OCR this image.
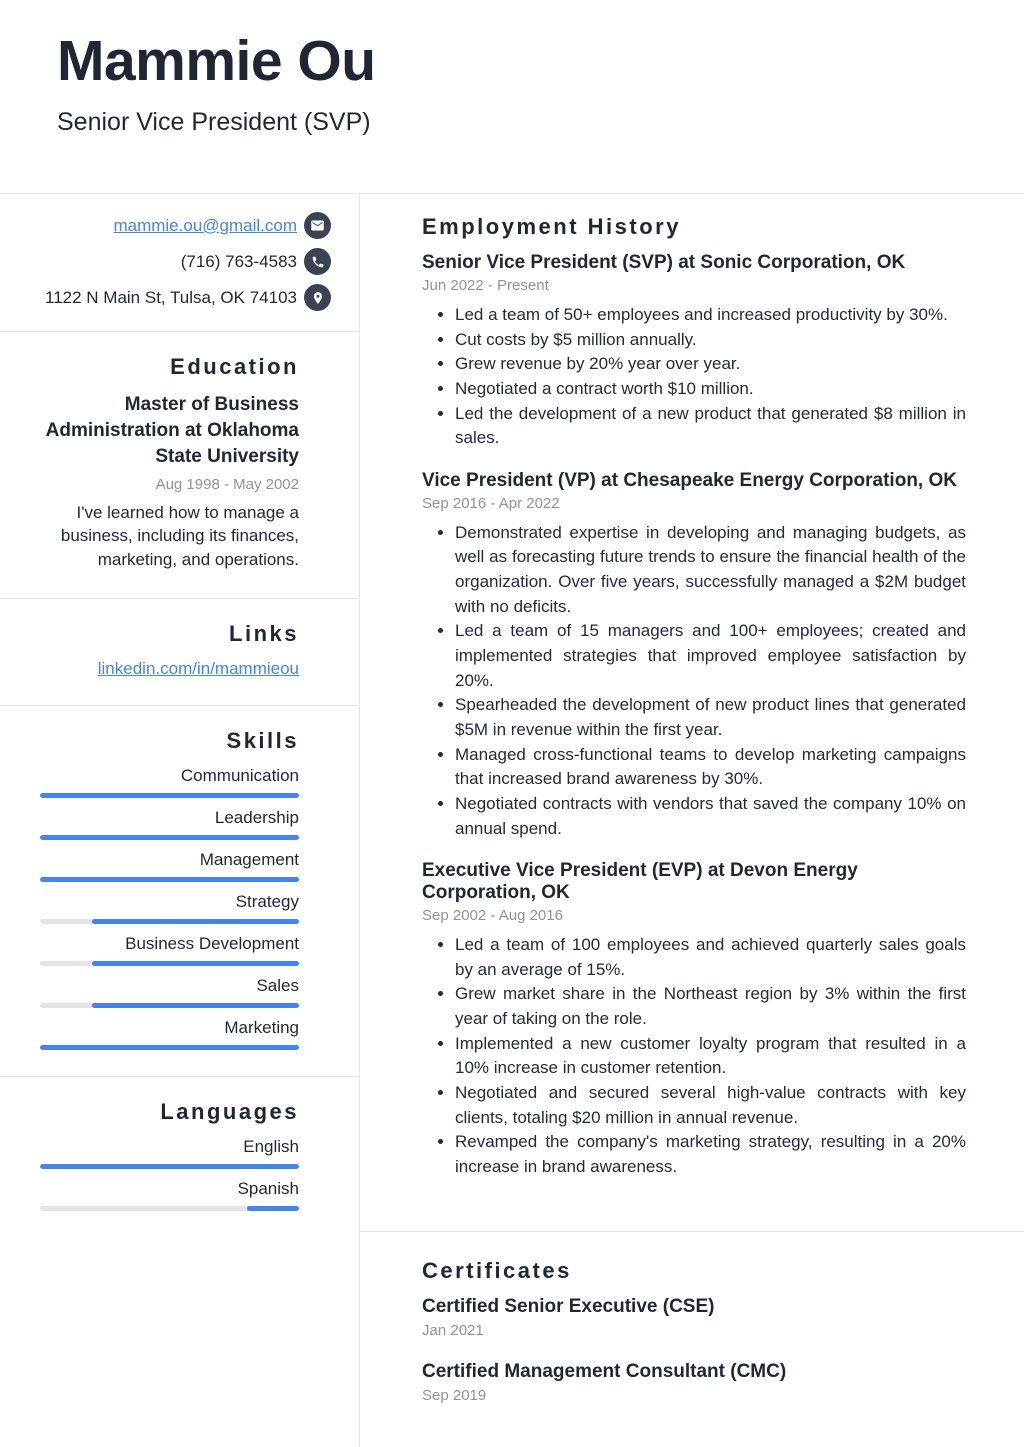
Mammie Ou
Senior Vice President (SVP)
mammie.ou@gmail.com
(716) 763-4583
1122 N Main St, Tulsa, OK 74103
Education
Master of Business Administration at Oklahoma State University
Aug 1998 - May 2002

I've learned how to manage a business, including its finances, marketing, and operations.

Links
linkedin.com/in/mammieou
Skills
Communication
Leadership
Management
Strategy
Business Development
Sales
Marketing
Languages
English
Spanish
Employment History
Senior Vice President (SVP) at Sonic Corporation, OK
Jun 2022 - Present
• Led a team of 50+ employees and increased productivity by 30%.
• Cut costs by $5 million annually.
• Grew revenue by 20% year over year.
• Negotiated a contract worth $10 million.
• Led the development of a new product that generated $8 million in sales.
Vice President (VP) at Chesapeake Energy Corporation, OK
Sep 2016 - Apr 2022
• Demonstrated expertise in developing and managing budgets, as well as forecasting future trends to ensure the financial health of the organization. Over five years, successfully managed a $2M budget with no deficits.
• Led a team of 15 managers and 100+ employees; created and implemented strategies that improved employee satisfaction by 20%.
• Spearheaded the development of new product lines that generated $5M in revenue within the first year.
• Managed cross-functional teams to develop marketing campaigns that increased brand awareness by 30%.
• Negotiated contracts with vendors that saved the company 10% on annual spend.
Executive Vice President (EVP) at Devon Energy Corporation, OK
Sep 2002 - Aug 2016
• Led a team of 100 employees and achieved quarterly sales goals by an average of 15%.
• Grew market share in the Northeast region by 3% within the first year of taking on the role.
• Implemented a new customer loyalty program that resulted in a 10% increase in customer retention.
• Negotiated and secured several high-value contracts with key clients, totaling $20 million in annual revenue.
• Revamped the company's marketing strategy, resulting in a 20% increase in brand awareness.
Certificates
Certified Senior Executive (CSE)
Jan 2021
Certified Management Consultant (CMC)
Sep 2019
